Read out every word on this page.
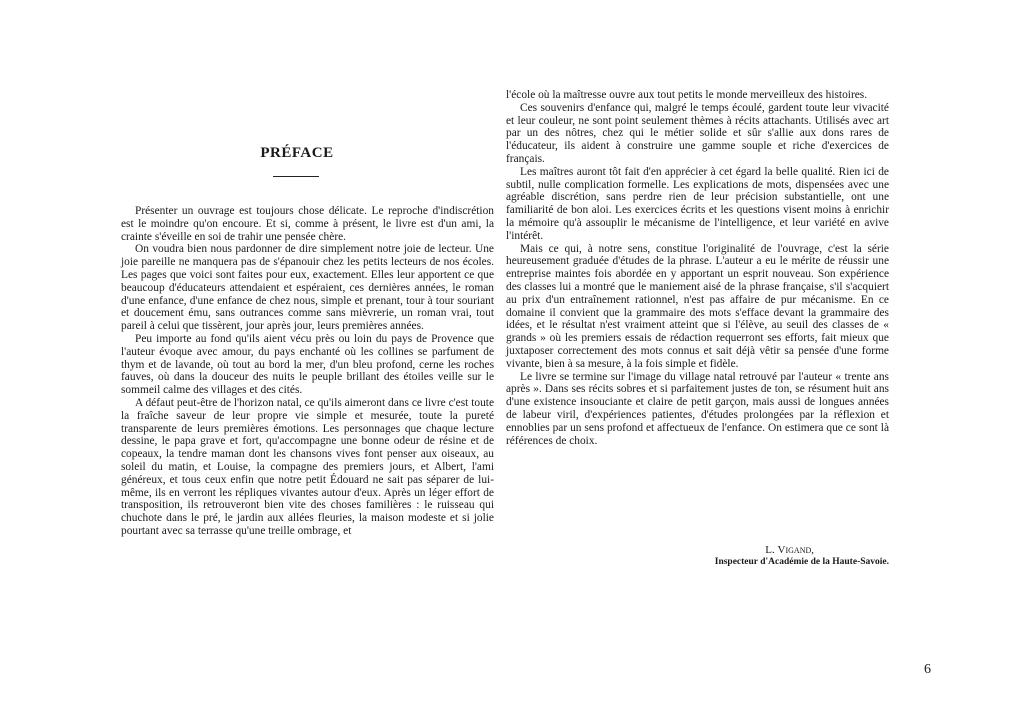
PRÉFACE

Présenter un ouvrage est toujours chose délicate. Le reproche d'indiscrétion est le moindre qu'on encoure. Et si, comme à présent, le livre est d'un ami, la crainte s'éveille en soi de trahir une pensée chère.

On voudra bien nous pardonner de dire simplement notre joie de lecteur. Une joie pareille ne manquera pas de s'épanouir chez les petits lecteurs de nos écoles. Les pages que voici sont faites pour eux, exactement. Elles leur apportent ce que beaucoup d'éducateurs attendaient et espéraient, ces dernières années, le roman d'une enfance, d'une enfance de chez nous, simple et prenant, tour à tour souriant et doucement ému, sans outrances comme sans mièvrerie, un roman vrai, tout pareil à celui que tissèrent, jour après jour, leurs premières années.

Peu importe au fond qu'ils aient vécu près ou loin du pays de Provence que l'auteur évoque avec amour, du pays enchanté où les collines se parfument de thym et de lavande, où tout au bord la mer, d'un bleu profond, cerne les roches fauves, où dans la douceur des nuits le peuple brillant des étoiles veille sur le sommeil calme des villages et des cités.

A défaut peut-être de l'horizon natal, ce qu'ils aimeront dans ce livre c'est toute la fraîche saveur de leur propre vie simple et mesurée, toute la pureté transparente de leurs premières émotions. Les personnages que chaque lecture dessine, le papa grave et fort, qu'accompagne une bonne odeur de résine et de copeaux, la tendre maman dont les chansons vives font penser aux oiseaux, au soleil du matin, et Louise, la compagne des premiers jours, et Albert, l'ami généreux, et tous ceux enfin que notre petit Édouard ne sait pas séparer de lui-même, ils en verront les répliques vivantes autour d'eux. Après un léger effort de transposition, ils retrouveront bien vite des choses familières : le ruisseau qui chuchote dans le pré, le jardin aux allées fleuries, la maison modeste et si jolie pourtant avec sa terrasse qu'une treille ombrage, et

l'école où la maîtresse ouvre aux tout petits le monde merveilleux des histoires.

Ces souvenirs d'enfance qui, malgré le temps écoulé, gardent toute leur vivacité et leur couleur, ne sont point seulement thèmes à récits attachants. Utilisés avec art par un des nôtres, chez qui le métier solide et sûr s'allie aux dons rares de l'éducateur, ils aident à construire une gamme souple et riche d'exercices de français.

Les maîtres auront tôt fait d'en apprécier à cet égard la belle qualité. Rien ici de subtil, nulle complication formelle. Les explications de mots, dispensées avec une agréable discrétion, sans perdre rien de leur précision substantielle, ont une familiarité de bon aloi. Les exercices écrits et les questions visent moins à enrichir la mémoire qu'à assouplir le mécanisme de l'intelligence, et leur variété en avive l'intérêt.

Mais ce qui, à notre sens, constitue l'originalité de l'ouvrage, c'est la série heureusement graduée d'études de la phrase. L'auteur a eu le mérite de réussir une entreprise maintes fois abordée en y apportant un esprit nouveau. Son expérience des classes lui a montré que le maniement aisé de la phrase française, s'il s'acquiert au prix d'un entraînement rationnel, n'est pas affaire de pur mécanisme. En ce domaine il convient que la grammaire des mots s'efface devant la grammaire des idées, et le résultat n'est vraiment atteint que si l'élève, au seuil des classes de « grands » où les premiers essais de rédaction requerront ses efforts, fait mieux que juxtaposer correctement des mots connus et sait déjà vêtir sa pensée d'une forme vivante, bien à sa mesure, à la fois simple et fidèle.

Le livre se termine sur l'image du village natal retrouvé par l'auteur « trente ans après ». Dans ses récits sobres et si parfaitement justes de ton, se résument huit ans d'une existence insouciante et claire de petit garçon, mais aussi de longues années de labeur viril, d'expériences patientes, d'études prolongées par la réflexion et ennoblies par un sens profond et affectueux de l'enfance. On estimera que ce sont là références de choix.

L. Vigand,
Inspecteur d'Académie de la Haute-Savoie.
6
